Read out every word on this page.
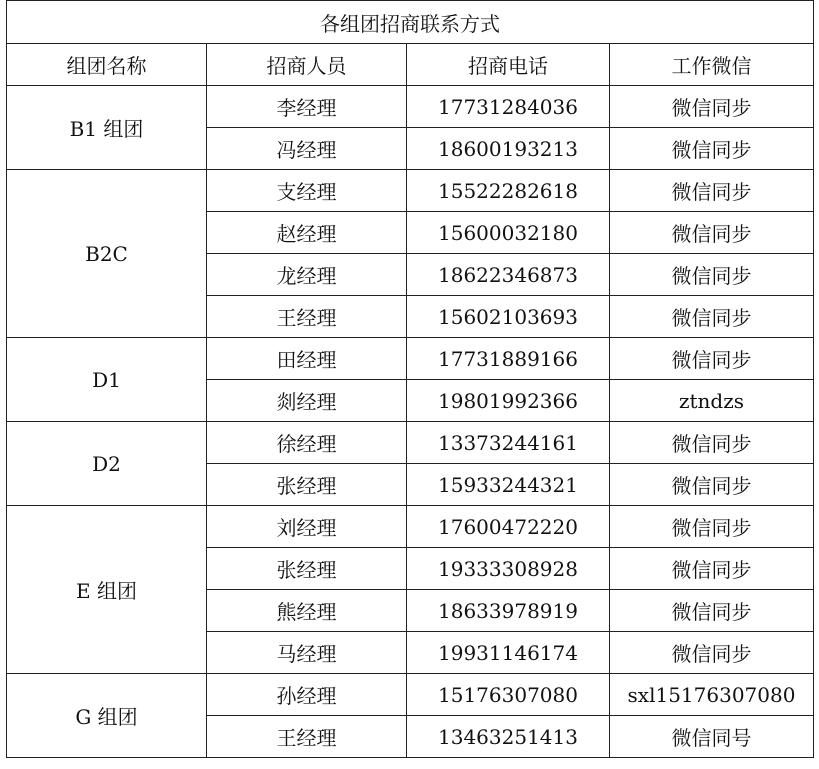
各组团招商联系方式			
组团名称	招商人员	招商电话	工作微信
B1 组团	李经理	17731284036	微信同步
	冯经理	18600193213	微信同步
B2C	支经理	15522282618	微信同步
	赵经理	15600032180	微信同步
	龙经理	18622346873	微信同步
	王经理	15602103693	微信同步
D1	田经理	17731889166	微信同步
	剡经理	19801992366	ztndzs
D2	徐经理	13373244161	微信同步
	张经理	15933244321	微信同步
E 组团	刘经理	17600472220	微信同步
	张经理	19333308928	微信同步
	熊经理	18633978919	微信同步
	马经理	19931146174	微信同步
G 组团	孙经理	15176307080	sxl15176307080
	王经理	13463251413	微信同号
